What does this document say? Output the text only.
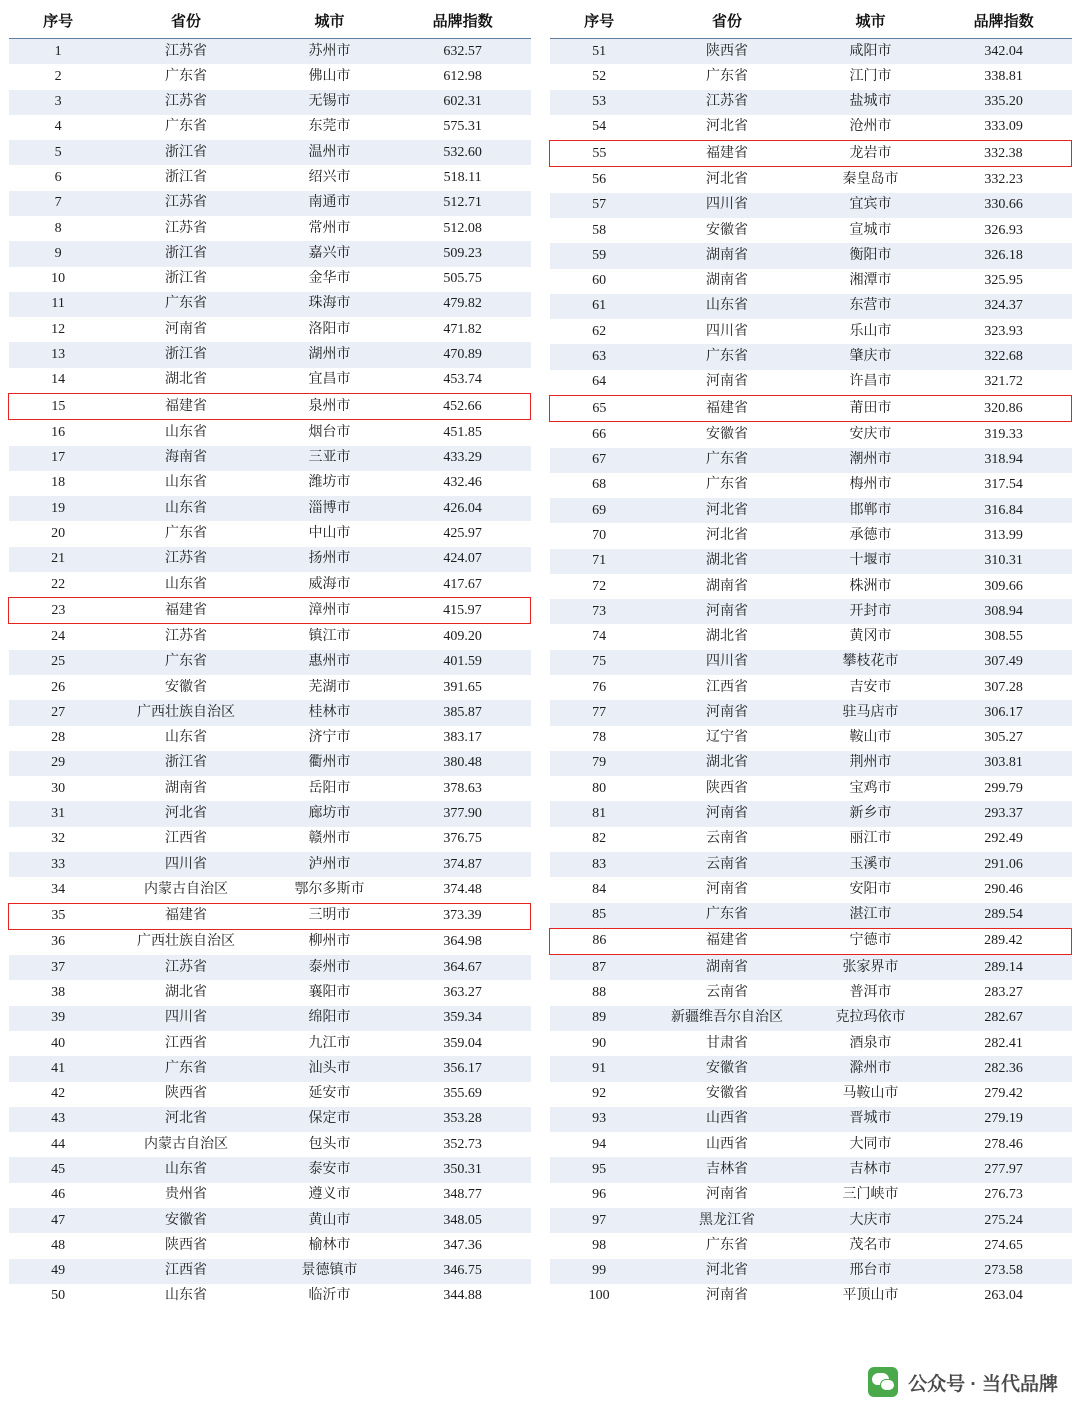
序号	省份	城市	品牌指数
1	江苏省	苏州市	632.57
2	广东省	佛山市	612.98
3	江苏省	无锡市	602.31
4	广东省	东莞市	575.31
5	浙江省	温州市	532.60
6	浙江省	绍兴市	518.11
7	江苏省	南通市	512.71
8	江苏省	常州市	512.08
9	浙江省	嘉兴市	509.23
10	浙江省	金华市	505.75
11	广东省	珠海市	479.82
12	河南省	洛阳市	471.82
13	浙江省	湖州市	470.89
14	湖北省	宜昌市	453.74
15	福建省	泉州市	452.66
16	山东省	烟台市	451.85
17	海南省	三亚市	433.29
18	山东省	潍坊市	432.46
19	山东省	淄博市	426.04
20	广东省	中山市	425.97
21	江苏省	扬州市	424.07
22	山东省	威海市	417.67
23	福建省	漳州市	415.97
24	江苏省	镇江市	409.20
25	广东省	惠州市	401.59
26	安徽省	芜湖市	391.65
27	广西壮族自治区	桂林市	385.87
28	山东省	济宁市	383.17
29	浙江省	衢州市	380.48
30	湖南省	岳阳市	378.63
31	河北省	廊坊市	377.90
32	江西省	赣州市	376.75
33	四川省	泸州市	374.87
34	内蒙古自治区	鄂尔多斯市	374.48
35	福建省	三明市	373.39
36	广西壮族自治区	柳州市	364.98
37	江苏省	泰州市	364.67
38	湖北省	襄阳市	363.27
39	四川省	绵阳市	359.34
40	江西省	九江市	359.04
41	广东省	汕头市	356.17
42	陕西省	延安市	355.69
43	河北省	保定市	353.28
44	内蒙古自治区	包头市	352.73
45	山东省	泰安市	350.31
46	贵州省	遵义市	348.77
47	安徽省	黄山市	348.05
48	陕西省	榆林市	347.36
49	江西省	景德镇市	346.75
50	山东省	临沂市	344.88
序号	省份	城市	品牌指数
51	陕西省	咸阳市	342.04
52	广东省	江门市	338.81
53	江苏省	盐城市	335.20
54	河北省	沧州市	333.09
55	福建省	龙岩市	332.38
56	河北省	秦皇岛市	332.23
57	四川省	宜宾市	330.66
58	安徽省	宣城市	326.93
59	湖南省	衡阳市	326.18
60	湖南省	湘潭市	325.95
61	山东省	东营市	324.37
62	四川省	乐山市	323.93
63	广东省	肇庆市	322.68
64	河南省	许昌市	321.72
65	福建省	莆田市	320.86
66	安徽省	安庆市	319.33
67	广东省	潮州市	318.94
68	广东省	梅州市	317.54
69	河北省	邯郸市	316.84
70	河北省	承德市	313.99
71	湖北省	十堰市	310.31
72	湖南省	株洲市	309.66
73	河南省	开封市	308.94
74	湖北省	黄冈市	308.55
75	四川省	攀枝花市	307.49
76	江西省	吉安市	307.28
77	河南省	驻马店市	306.17
78	辽宁省	鞍山市	305.27
79	湖北省	荆州市	303.81
80	陕西省	宝鸡市	299.79
81	河南省	新乡市	293.37
82	云南省	丽江市	292.49
83	云南省	玉溪市	291.06
84	河南省	安阳市	290.46
85	广东省	湛江市	289.54
86	福建省	宁德市	289.42
87	湖南省	张家界市	289.14
88	云南省	普洱市	283.27
89	新疆维吾尔自治区	克拉玛依市	282.67
90	甘肃省	酒泉市	282.41
91	安徽省	滁州市	282.36
92	安徽省	马鞍山市	279.42
93	山西省	晋城市	279.19
94	山西省	大同市	278.46
95	吉林省	吉林市	277.97
96	河南省	三门峡市	276.73
97	黑龙江省	大庆市	275.24
98	广东省	茂名市	274.65
99	河北省	邢台市	273.58
100	河南省	平顶山市	263.04
公众号 · 当代品牌
